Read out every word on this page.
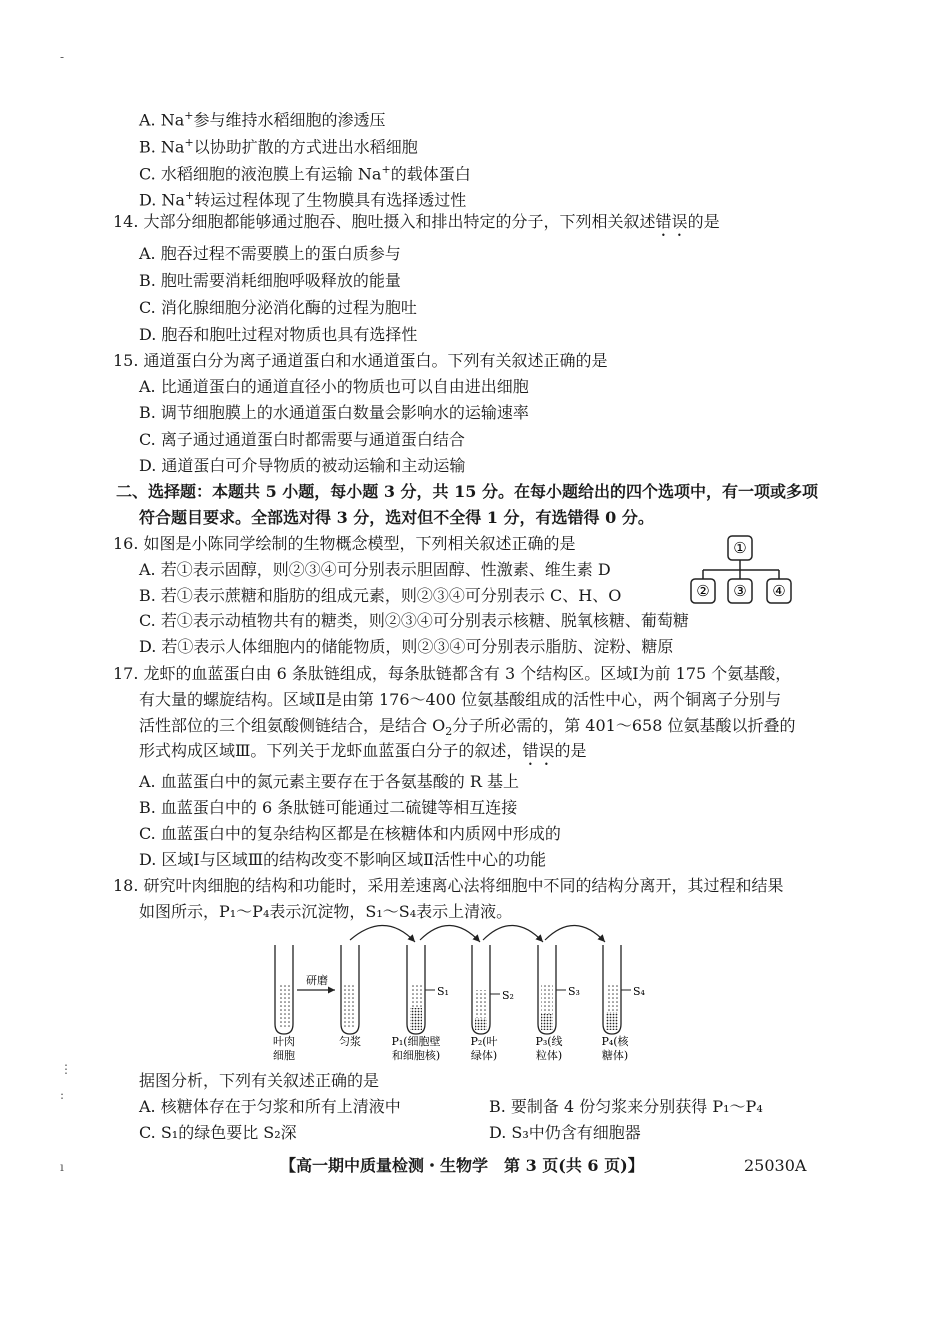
-
A. Na+参与维持水稻细胞的渗透压
B. Na+以协助扩散的方式进出水稻细胞
C. 水稻细胞的液泡膜上有运输 Na+的载体蛋白
D. Na+转运过程体现了生物膜具有选择透过性
14. 大部分细胞都能够通过胞吞、胞吐摄入和排出特定的分子，下列相关叙述错误的是
A. 胞吞过程不需要膜上的蛋白质参与
B. 胞吐需要消耗细胞呼吸释放的能量
C. 消化腺细胞分泌消化酶的过程为胞吐
D. 胞吞和胞吐过程对物质也具有选择性
15. 通道蛋白分为离子通道蛋白和水通道蛋白。下列有关叙述正确的是
A. 比通道蛋白的通道直径小的物质也可以自由进出细胞
B. 调节细胞膜上的水通道蛋白数量会影响水的运输速率
C. 离子通过通道蛋白时都需要与通道蛋白结合
D. 通道蛋白可介导物质的被动运输和主动运输
二、选择题：本题共 5 小题，每小题 3 分，共 15 分。在每小题给出的四个选项中，有一项或多项
符合题目要求。全部选对得 3 分，选对但不全得 1 分，有选错得 0 分。
16. 如图是小陈同学绘制的生物概念模型，下列相关叙述正确的是
A. 若①表示固醇，则②③④可分别表示胆固醇、性激素、维生素 D
B. 若①表示蔗糖和脂肪的组成元素，则②③④可分别表示 C、H、O
C. 若①表示动植物共有的糖类，则②③④可分别表示核糖、脱氧核糖、葡萄糖
D. 若①表示人体细胞内的储能物质，则②③④可分别表示脂肪、淀粉、糖原
①
② ③ ④
17. 龙虾的血蓝蛋白由 6 条肽链组成，每条肽链都含有 3 个结构区。区域Ⅰ为前 175 个氨基酸，
有大量的螺旋结构。区域Ⅱ是由第 176～400 位氨基酸组成的活性中心，两个铜离子分别与
活性部位的三个组氨酸侧链结合，是结合 $O_2$分子所必需的，第 401～658 位氨基酸以折叠的
形式构成区域Ⅲ。下列关于龙虾血蓝蛋白分子的叙述，错误的是
A. 血蓝蛋白中的氮元素主要存在于各氨基酸的 R 基上
B. 血蓝蛋白中的 6 条肽链可能通过二硫键等相互连接
C. 血蓝蛋白中的复杂结构区都是在核糖体和内质网中形成的
D. 区域Ⅰ与区域Ⅲ的结构改变不影响区域Ⅱ活性中心的功能
18. 研究叶肉细胞的结构和功能时，采用差速离心法将细胞中不同的结构分离开，其过程和结果
如图所示，P₁～P₄表示沉淀物，S₁～S₄表示上清液。
研磨
S₁	S₂	S₃	S₄
叶肉
细胞
匀浆	P₁(细胞壁
和细胞核)
P₂(叶
绿体)
P₃(线
粒体)
P₄(核
糖体)
⋮
:
据图分析，下列有关叙述正确的是
A. 核糖体存在于匀浆和所有上清液中	B. 要制备 4 份匀浆来分别获得 P₁～P₄
C. S₁的绿色要比 S₂深	D. S₃中仍含有细胞器
ı	【高一期中质量检测・生物学　第 3 页(共 6 页)】	25030A
